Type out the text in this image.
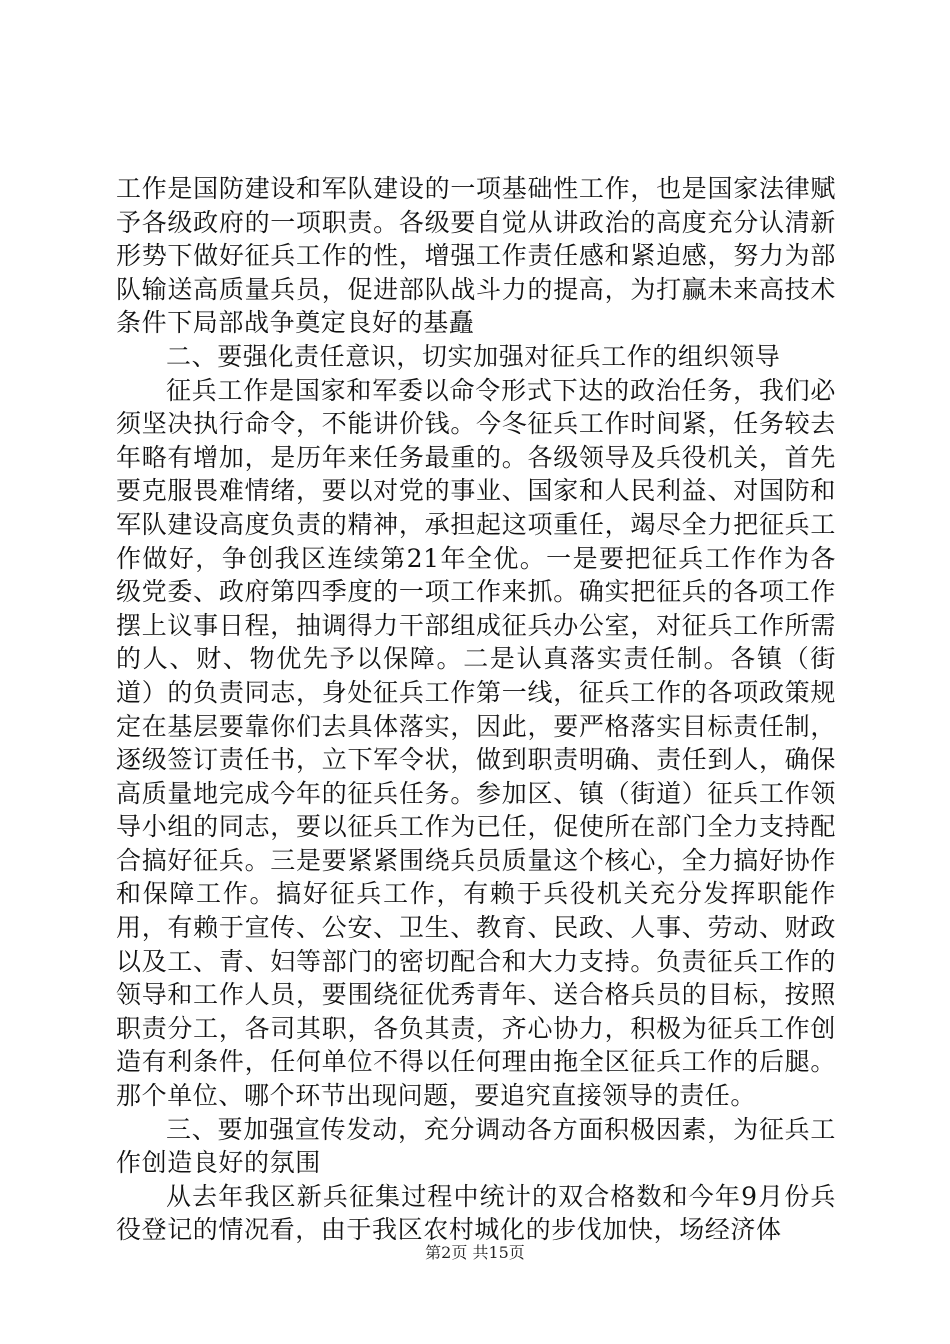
工作是国防建设和军队建设的一项基础性工作，也是国家法律赋予各级政府的一项职责。各级要自觉从讲政治的高度充分认清新形势下做好征兵工作的性，增强工作责任感和紧迫感，努力为部队输送高质量兵员，促进部队战斗力的提高，为打赢未来高技术条件下局部战争奠定良好的基矗

二、要强化责任意识，切实加强对征兵工作的组织领导

征兵工作是国家和军委以命令形式下达的政治任务，我们必须坚决执行命令，不能讲价钱。今冬征兵工作时间紧，任务较去年略有增加，是历年来任务最重的。各级领导及兵役机关，首先要克服畏难情绪，要以对党的事业、国家和人民利益、对国防和军队建设高度负责的精神，承担起这项重任，竭尽全力把征兵工作做好，争创我区连续第21年全优。一是要把征兵工作作为各级党委、政府第四季度的一项工作来抓。确实把征兵的各项工作摆上议事日程，抽调得力干部组成征兵办公室，对征兵工作所需的人、财、物优先予以保障。二是认真落实责任制。各镇（街道）的负责同志，身处征兵工作第一线，征兵工作的各项政策规定在基层要靠你们去具体落实，因此，要严格落实目标责任制，逐级签订责任书，立下军令状，做到职责明确、责任到人，确保高质量地完成今年的征兵任务。参加区、镇（街道）征兵工作领导小组的同志，要以征兵工作为已任，促使所在部门全力支持配合搞好征兵。三是要紧紧围绕兵员质量这个核心，全力搞好协作和保障工作。搞好征兵工作，有赖于兵役机关充分发挥职能作用，有赖于宣传、公安、卫生、教育、民政、人事、劳动、财政以及工、青、妇等部门的密切配合和大力支持。负责征兵工作的领导和工作人员，要围绕征优秀青年、送合格兵员的目标，按照职责分工，各司其职，各负其责，齐心协力，积极为征兵工作创造有利条件，任何单位不得以任何理由拖全区征兵工作的后腿。那个单位、哪个环节出现问题，要追究直接领导的责任。

三、要加强宣传发动，充分调动各方面积极因素，为征兵工作创造良好的氛围

从去年我区新兵征集过程中统计的双合格数和今年9月份兵役登记的情况看，由于我区农村城化的步伐加快，场经济体

第2页 共15页
